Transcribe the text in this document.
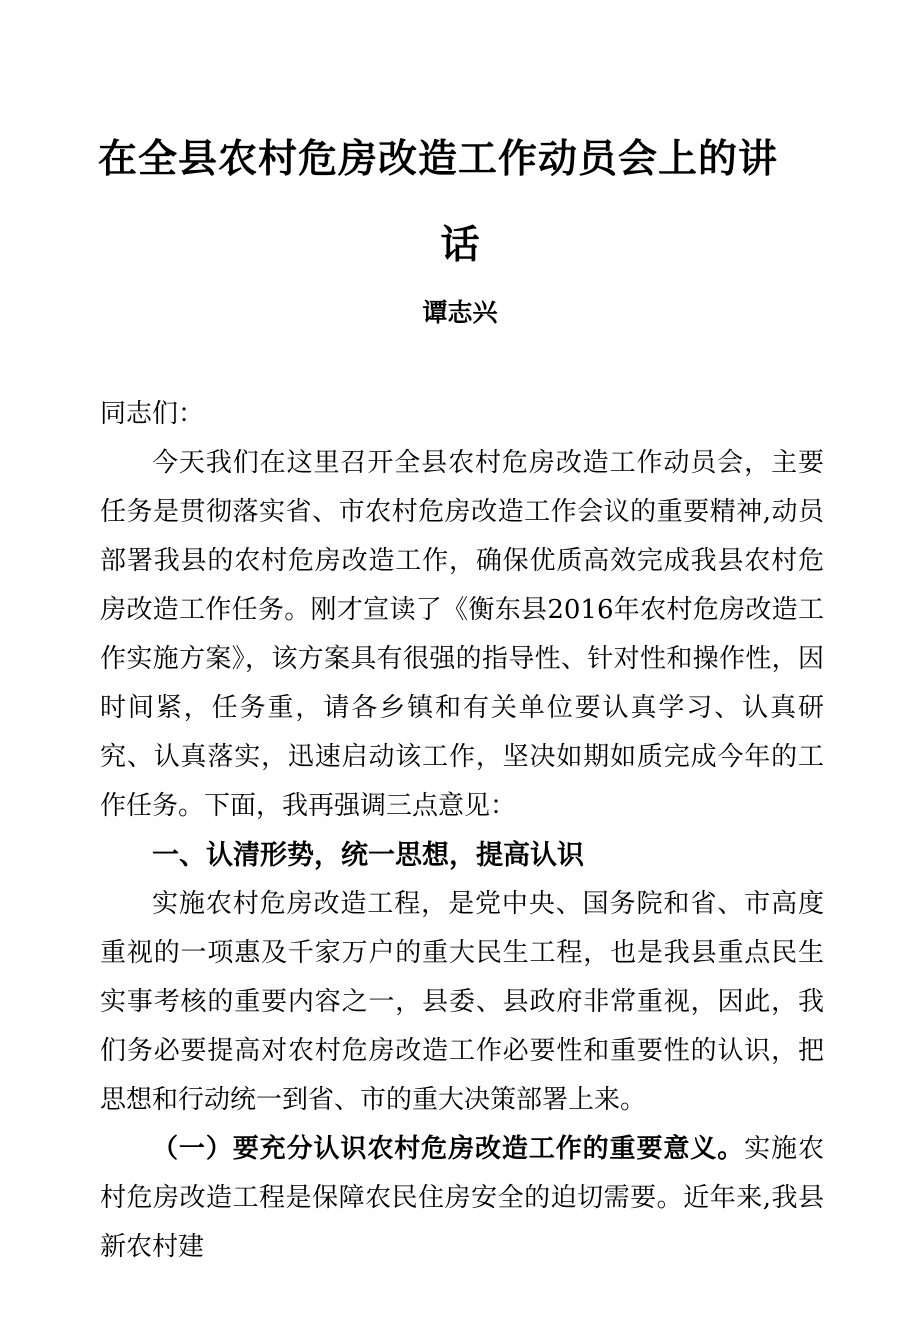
在全县农村危房改造工作动员会上的讲
话
谭志兴

同志们：

今天我们在这里召开全县农村危房改造工作动员会，主要任务是贯彻落实省、市农村危房改造工作会议的重要精神,动员部署我县的农村危房改造工作，确保优质高效完成我县农村危房改造工作任务。刚才宣读了《衡东县2016年农村危房改造工作实施方案》，该方案具有很强的指导性、针对性和操作性，因时间紧，任务重，请各乡镇和有关单位要认真学习、认真研究、认真落实，迅速启动该工作，坚决如期如质完成今年的工作任务。下面，我再强调三点意见：

一、认清形势，统一思想，提高认识

实施农村危房改造工程，是党中央、国务院和省、市高度重视的一项惠及千家万户的重大民生工程，也是我县重点民生实事考核的重要内容之一，县委、县政府非常重视，因此，我们务必要提高对农村危房改造工作必要性和重要性的认识，把思想和行动统一到省、市的重大决策部署上来。

（一）要充分认识农村危房改造工作的重要意义。实施农村危房改造工程是保障农民住房安全的迫切需要。近年来,我县新农村建
